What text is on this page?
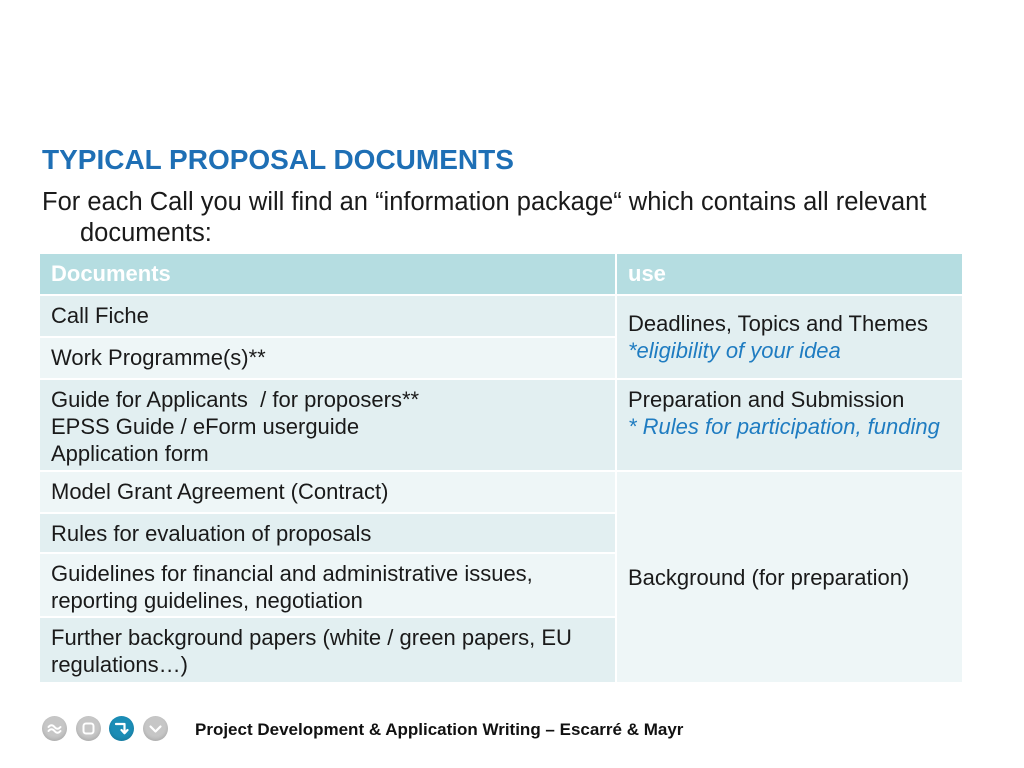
TYPICAL PROPOSAL DOCUMENTS

For each Call you will find an “information package“ which contains all relevant documents:

Documents	use
Call Fiche
Work Programme(s)**
Guide for Applicants  / for proposers**
EPSS Guide / eForm userguide
Application form
Model Grant Agreement (Contract)
Rules for evaluation of proposals
Guidelines for financial and administrative issues, reporting guidelines, negotiation
Further background papers (white / green papers, EU regulations…)
Deadlines, Topics and Themes
*eligibility of your idea
Preparation and Submission
* Rules for participation, funding
Background (for preparation)
Project Development & Application Writing – Escarré & Mayr
